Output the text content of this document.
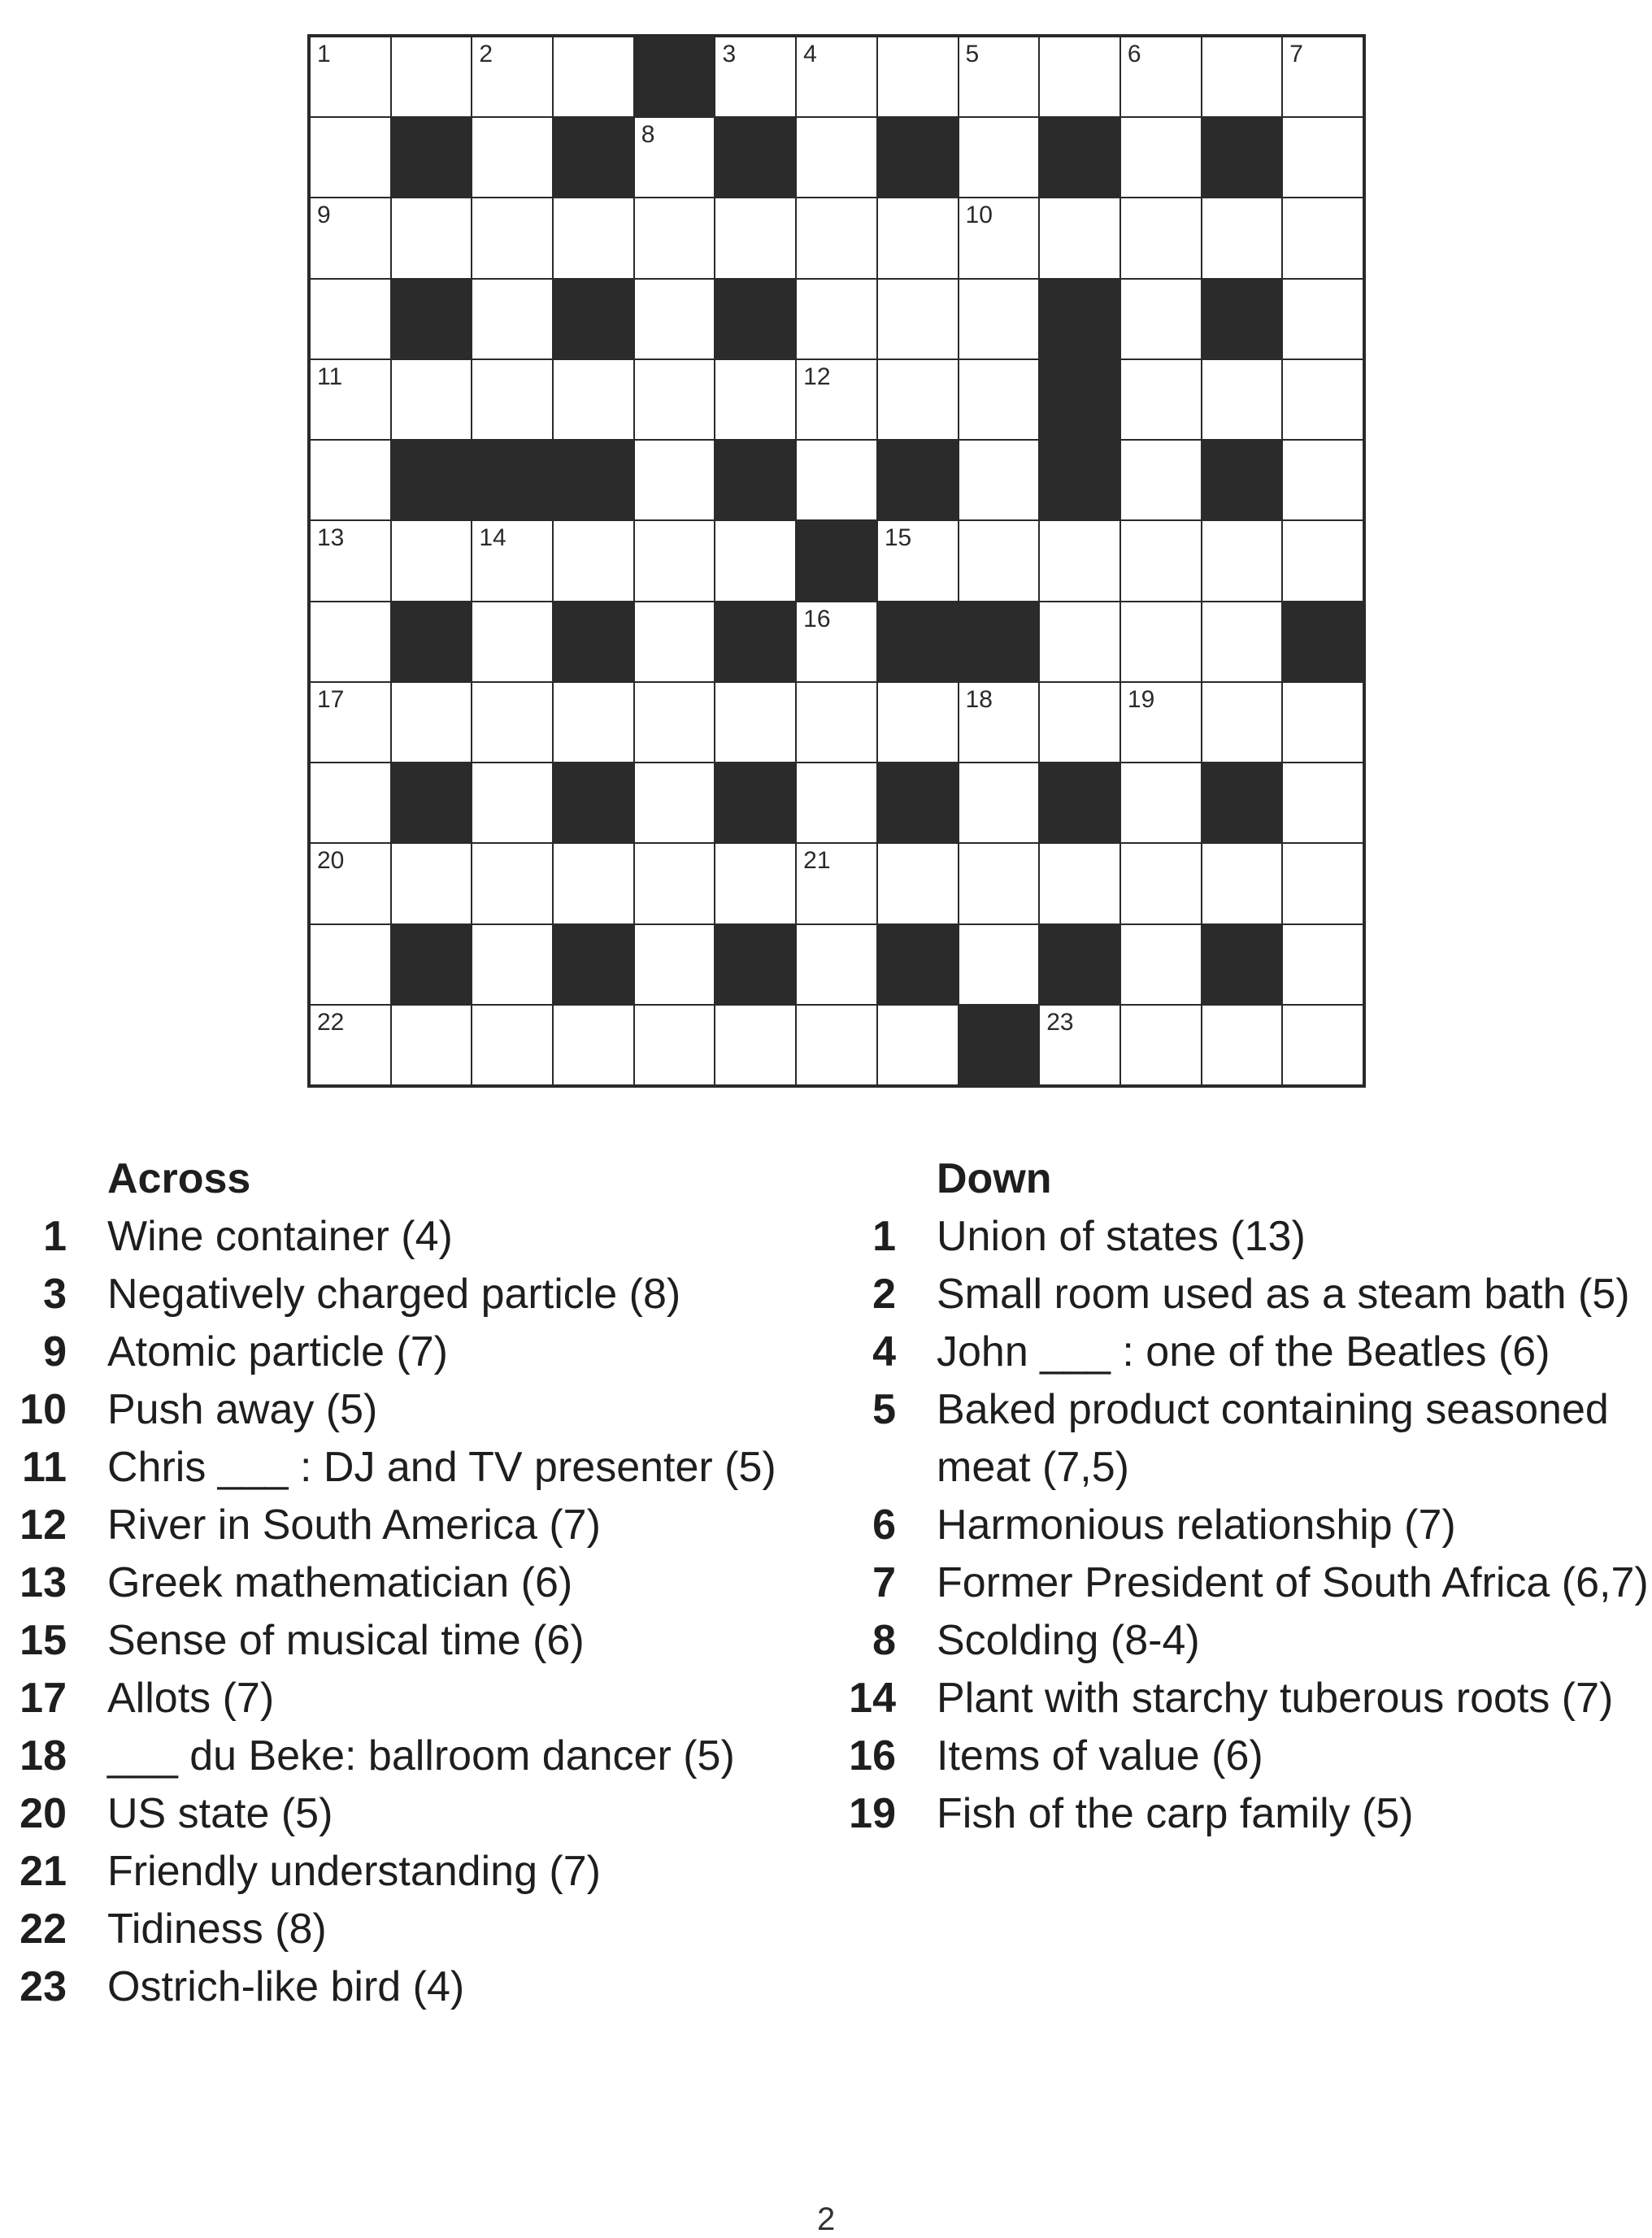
1	2	3	4	5	6	7
8
9	10
11	12
13	14	15
16
17	18	19
20	21
22	23
Across
1 Wine container (4)
3 Negatively charged particle (8)
9 Atomic particle (7)
10 Push away (5)
11 Chris ___ : DJ and TV presenter (5)
12 River in South America (7)
13 Greek mathematician (6)
15 Sense of musical time (6)
17 Allots (7)
18 ___ du Beke: ballroom dancer (5)
20 US state (5)
21 Friendly understanding (7)
22 Tidiness (8)
23 Ostrich-like bird (4)
Down
1 Union of states (13)
2 Small room used as a steam bath (5)
4 John ___ : one of the Beatles (6)
5 Baked product containing seasoned meat (7,5)
6 Harmonious relationship (7)
7 Former President of South Africa (6,7)
8 Scolding (8-4)
14 Plant with starchy tuberous roots (7)
16 Items of value (6)
19 Fish of the carp family (5)
2
